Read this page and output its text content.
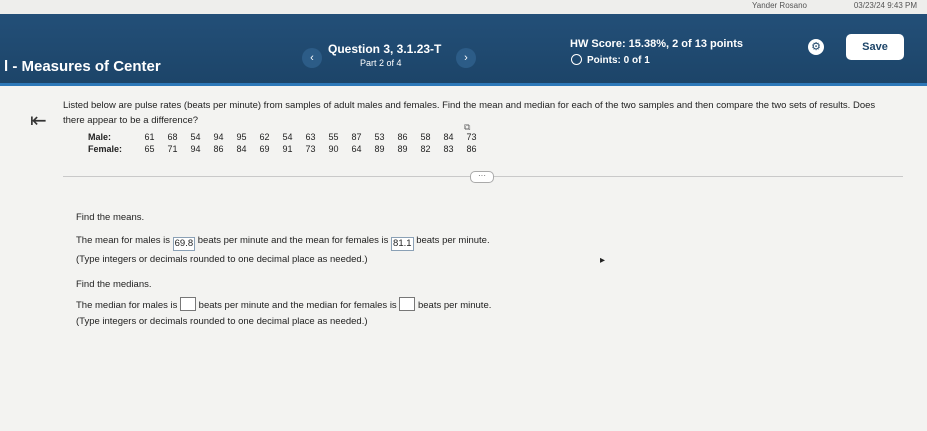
Yander Rosano	03/23/24 9:43 PM
l - Measures of Center	‹
Question 3, 3.1.23-T
Part 2 of 4	›
HW Score: 15.38%, 2 of 13 points
Points: 0 of 1
⚙	Save
⇤
Listed below are pulse rates (beats per minute) from samples of adult males and females. Find the mean and median for each of the two samples and then compare the two sets of results. Does there appear to be a difference?
⧉
Male:	61 68 54 94 95 62 54 63 55 87 53 86 58 84 73
Female: 65 71 94 86 84 69 91 73 90 64 89 89 82 83 86
···
Find the means.
The mean for males is 69.8 beats per minute and the mean for females is 81.1 beats per minute.
(Type integers or decimals rounded to one decimal place as needed.)
Find the medians.
The median for males is beats per minute and the median for females is beats per minute.
(Type integers or decimals rounded to one decimal place as needed.)
▸
